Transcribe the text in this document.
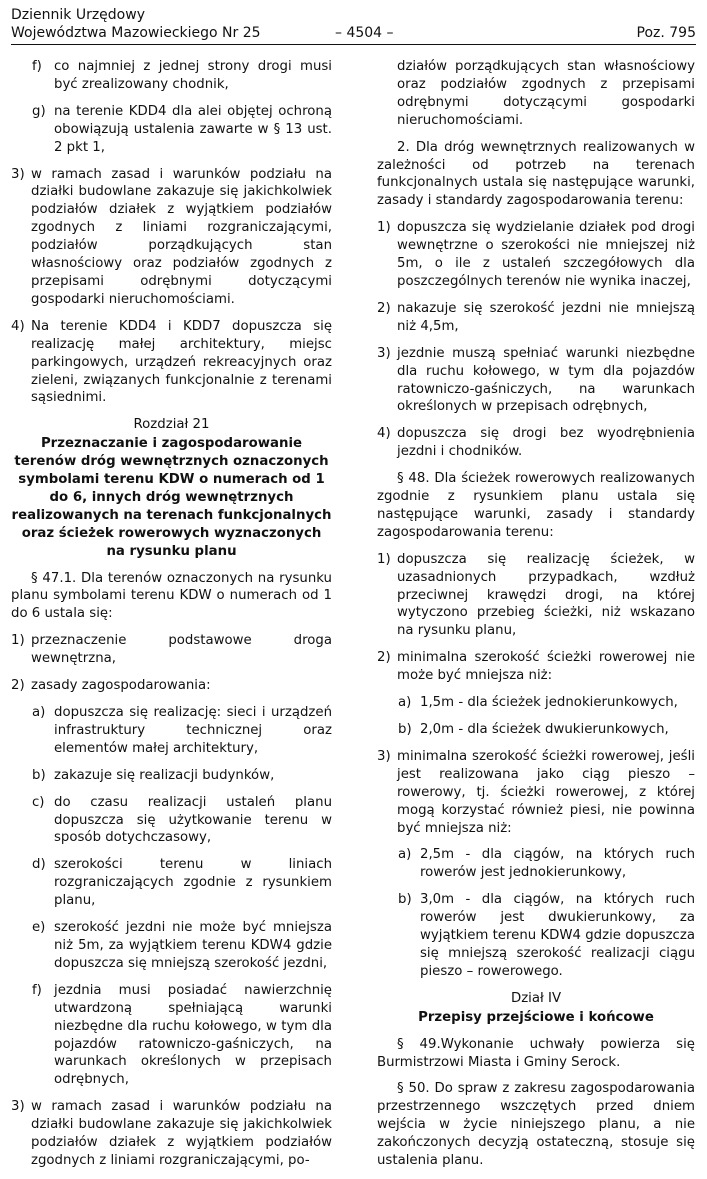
Dziennik Urzędowy
Województwa Mazowieckiego Nr 25	– 4504 –	Poz. 795
f) co najmniej z jednej strony drogi musi być zrealizowany chodnik,
g) na terenie KDD4 dla alei objętej ochroną obowiązują ustalenia zawarte w § 13 ust. 2 pkt 1,
3) w ramach zasad i warunków podziału na działki budowlane zakazuje się jakichkolwiek podziałów działek z wyjątkiem podziałów zgodnych z liniami rozgraniczającymi, podziałów porządkujących stan własnościowy oraz podziałów zgodnych z przepisami odrębnymi dotyczącymi gospodarki nieruchomościami.
4) Na terenie KDD4 i KDD7 dopuszcza się realizację małej architektury, miejsc parkingowych, urządzeń rekreacyjnych oraz zieleni, związanych funkcjonalnie z terenami sąsiednimi.

Rozdział 21

Przeznaczanie i zagospodarowanie terenów dróg wewnętrznych oznaczonych symbolami terenu KDW o numerach od 1 do 6, innych dróg wewnętrznych realizowanych na terenach funkcjonalnych oraz ścieżek rowerowych wyznaczonych na rysunku planu

§ 47.1. Dla terenów oznaczonych na rysunku planu symbolami terenu KDW o numerach od 1 do 6 ustala się:

1) przeznaczenie podstawowe droga wewnętrzna,
2) zasady zagospodarowania:
a) dopuszcza się realizację: sieci i urządzeń infrastruktury technicznej oraz elementów małej architektury,
b) zakazuje się realizacji budynków,
c) do czasu realizacji ustaleń planu dopuszcza się użytkowanie terenu w sposób dotychczasowy,
d) szerokości terenu w liniach rozgraniczających zgodnie z rysunkiem planu,
e) szerokość jezdni nie może być mniejsza niż 5m, za wyjątkiem terenu KDW4 gdzie dopuszcza się mniejszą szerokość jezdni,
f) jezdnia musi posiadać nawierzchnię utwardzoną spełniającą warunki niezbędne dla ruchu kołowego, w tym dla pojazdów ratowniczo-gaśniczych, na warunkach określonych w przepisach odrębnych,
3) w ramach zasad i warunków podziału na działki budowlane zakazuje się jakichkolwiek podziałów działek z wyjątkiem podziałów zgodnych z liniami rozgraniczającymi, po-

działów porządkujących stan własnościowy oraz podziałów zgodnych z przepisami odrębnymi dotyczącymi gospodarki nieruchomościami.

2. Dla dróg wewnętrznych realizowanych w zależności od potrzeb na terenach funkcjonalnych ustala się następujące warunki, zasady i standardy zagospodarowania terenu:

1) dopuszcza się wydzielanie działek pod drogi wewnętrzne o szerokości nie mniejszej niż 5m, o ile z ustaleń szczegółowych dla poszczególnych terenów nie wynika inaczej,
2) nakazuje się szerokość jezdni nie mniejszą niż 4,5m,
3) jezdnie muszą spełniać warunki niezbędne dla ruchu kołowego, w tym dla pojazdów ratowniczo-gaśniczych, na warunkach określonych w przepisach odrębnych,
4) dopuszcza się drogi bez wyodrębnienia jezdni i chodników.

§ 48. Dla ścieżek rowerowych realizowanych zgodnie z rysunkiem planu ustala się następujące warunki, zasady i standardy zagospodarowania terenu:

1) dopuszcza się realizację ścieżek, w uzasadnionych przypadkach, wzdłuż przeciwnej krawędzi drogi, na której wytyczono przebieg ścieżki, niż wskazano na rysunku planu,
2) minimalna szerokość ścieżki rowerowej nie może być mniejsza niż:
a) 1,5m - dla ścieżek jednokierunkowych,
b) 2,0m - dla ścieżek dwukierunkowych,
3) minimalna szerokość ścieżki rowerowej, jeśli jest realizowana jako ciąg pieszo – rowerowy, tj. ścieżki rowerowej, z której mogą korzystać również piesi, nie powinna być mniejsza niż:
a) 2,5m - dla ciągów, na których ruch rowerów jest jednokierunkowy,
b) 3,0m - dla ciągów, na których ruch rowerów jest dwukierunkowy, za wyjątkiem terenu KDW4 gdzie dopuszcza się mniejszą szerokość realizacji ciągu pieszo – rowerowego.

Dział IV

Przepisy przejściowe i końcowe

§ 49.Wykonanie uchwały powierza się Burmistrzowi Miasta i Gminy Serock.

§ 50. Do spraw z zakresu zagospodarowania przestrzennego wszczętych przed dniem wejścia w życie niniejszego planu, a nie zakończonych decyzją ostateczną, stosuje się ustalenia planu.
